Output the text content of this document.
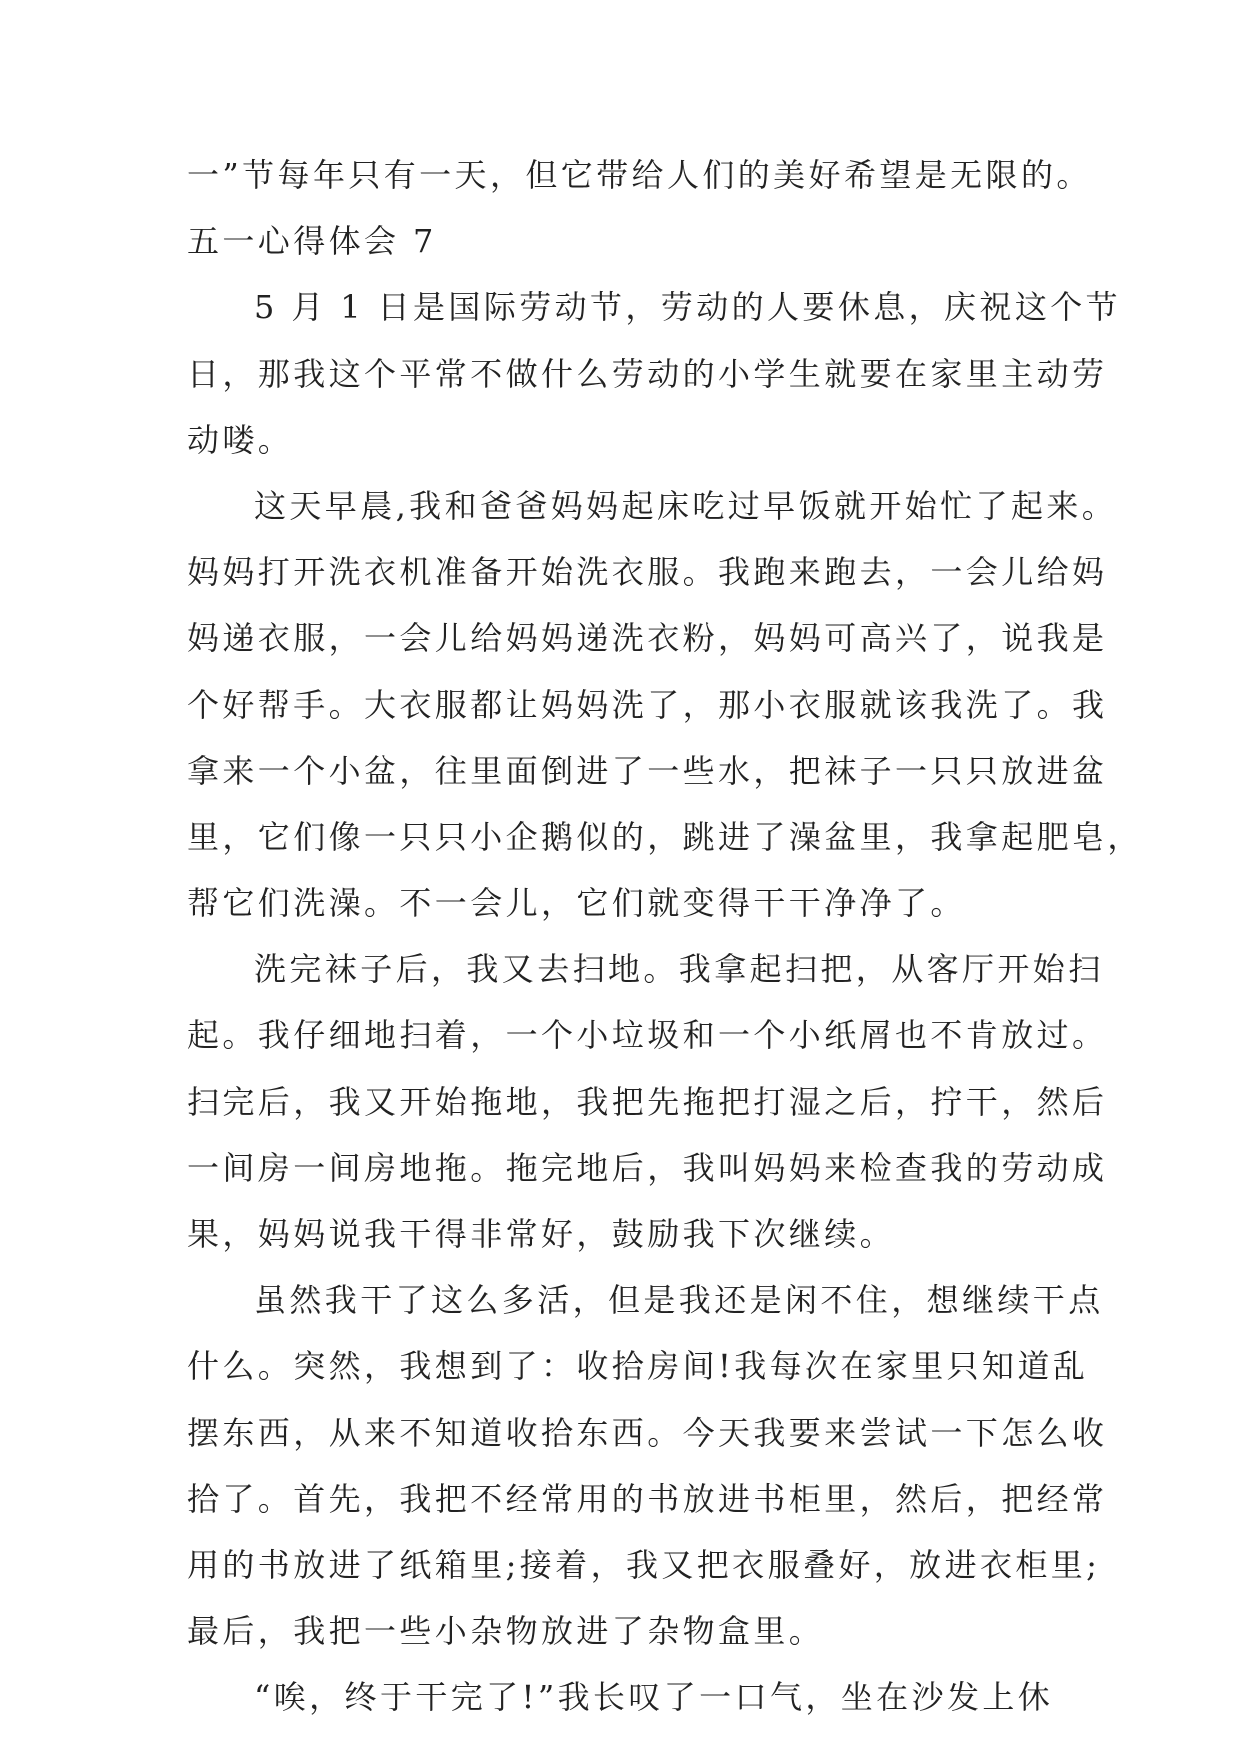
一”节每年只有一天，但它带给人们的美好希望是无限的。
五一心得体会 7
5 月 1 日是国际劳动节，劳动的人要休息，庆祝这个节
日，那我这个平常不做什么劳动的小学生就要在家里主动劳
动喽。
这天早晨,我和爸爸妈妈起床吃过早饭就开始忙了起来。
妈妈打开洗衣机准备开始洗衣服。我跑来跑去，一会儿给妈
妈递衣服，一会儿给妈妈递洗衣粉，妈妈可高兴了，说我是
个好帮手。大衣服都让妈妈洗了，那小衣服就该我洗了。我
拿来一个小盆，往里面倒进了一些水，把袜子一只只放进盆
里，它们像一只只小企鹅似的，跳进了澡盆里，我拿起肥皂，
帮它们洗澡。不一会儿，它们就变得干干净净了。
洗完袜子后，我又去扫地。我拿起扫把，从客厅开始扫
起。我仔细地扫着，一个小垃圾和一个小纸屑也不肯放过。
扫完后，我又开始拖地，我把先拖把打湿之后，拧干，然后
一间房一间房地拖。拖完地后，我叫妈妈来检查我的劳动成
果，妈妈说我干得非常好，鼓励我下次继续。
虽然我干了这么多活，但是我还是闲不住，想继续干点
什么。突然，我想到了：收拾房间!我每次在家里只知道乱
摆东西，从来不知道收拾东西。今天我要来尝试一下怎么收
拾了。首先，我把不经常用的书放进书柜里，然后，把经常
用的书放进了纸箱里;接着，我又把衣服叠好，放进衣柜里;
最后，我把一些小杂物放进了杂物盒里。
“唉，终于干完了!”我长叹了一口气，坐在沙发上休
